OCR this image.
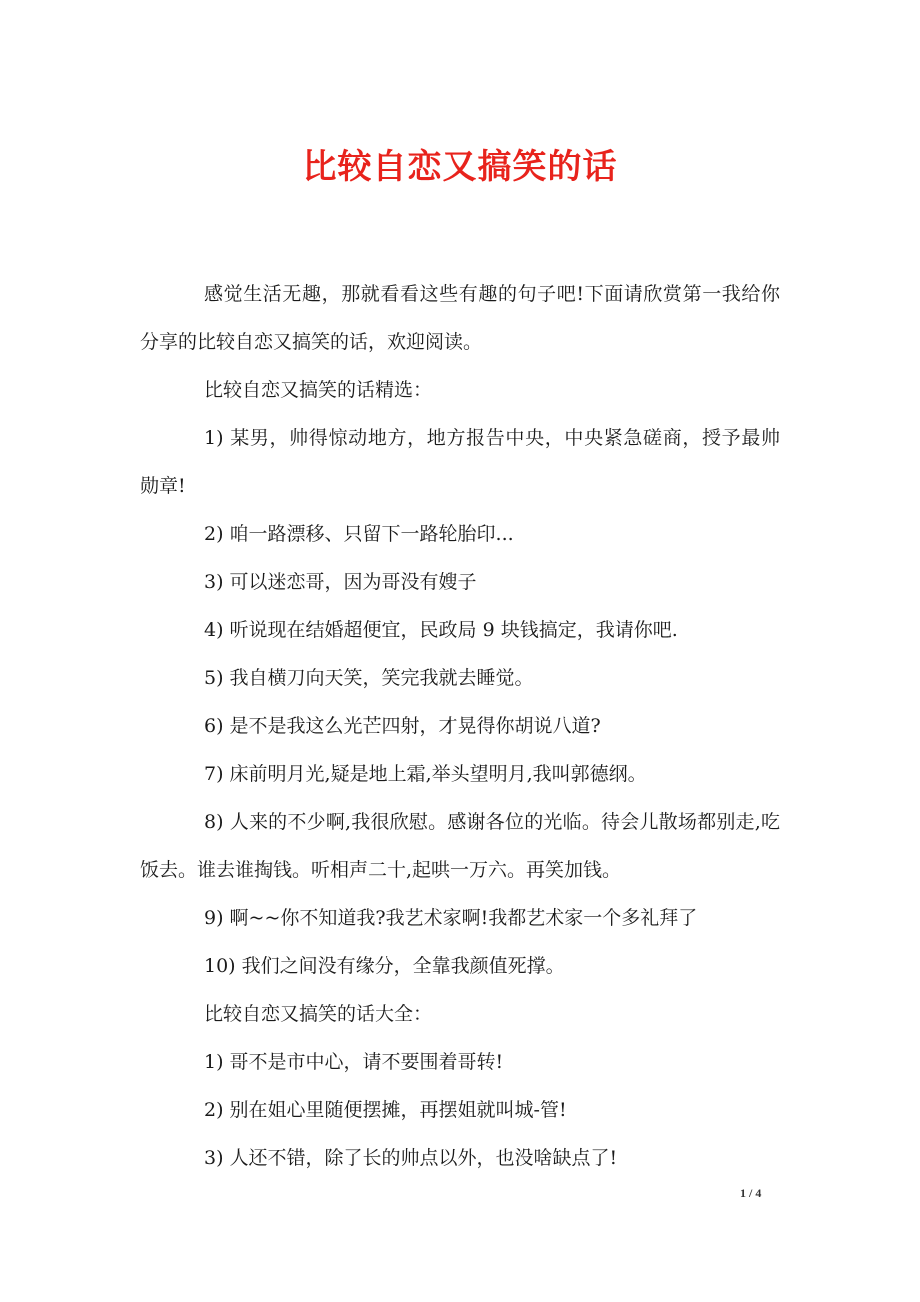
比较自恋又搞笑的话

感觉生活无趣，那就看看这些有趣的句子吧!下面请欣赏第一我给你分享的比较自恋又搞笑的话，欢迎阅读。

比较自恋又搞笑的话精选：

1) 某男，帅得惊动地方，地方报告中央，中央紧急磋商，授予最帅勋章!

2) 咱一路漂移、只留下一路轮胎印...

3) 可以迷恋哥，因为哥没有嫂子

4) 听说现在结婚超便宜，民政局 9 块钱搞定，我请你吧.

5) 我自横刀向天笑，笑完我就去睡觉。

6) 是不是我这么光芒四射，才晃得你胡说八道?

7) 床前明月光,疑是地上霜,举头望明月,我叫郭德纲。

8) 人来的不少啊,我很欣慰。感谢各位的光临。待会儿散场都别走,吃饭去。谁去谁掏钱。听相声二十,起哄一万六。再笑加钱。

9) 啊~~你不知道我?我艺术家啊!我都艺术家一个多礼拜了

10) 我们之间没有缘分，全靠我颜值死撑。

比较自恋又搞笑的话大全：

1) 哥不是市中心，请不要围着哥转!

2) 别在姐心里随便摆摊，再摆姐就叫城-管!

3) 人还不错，除了长的帅点以外，也没啥缺点了!

1 / 4
